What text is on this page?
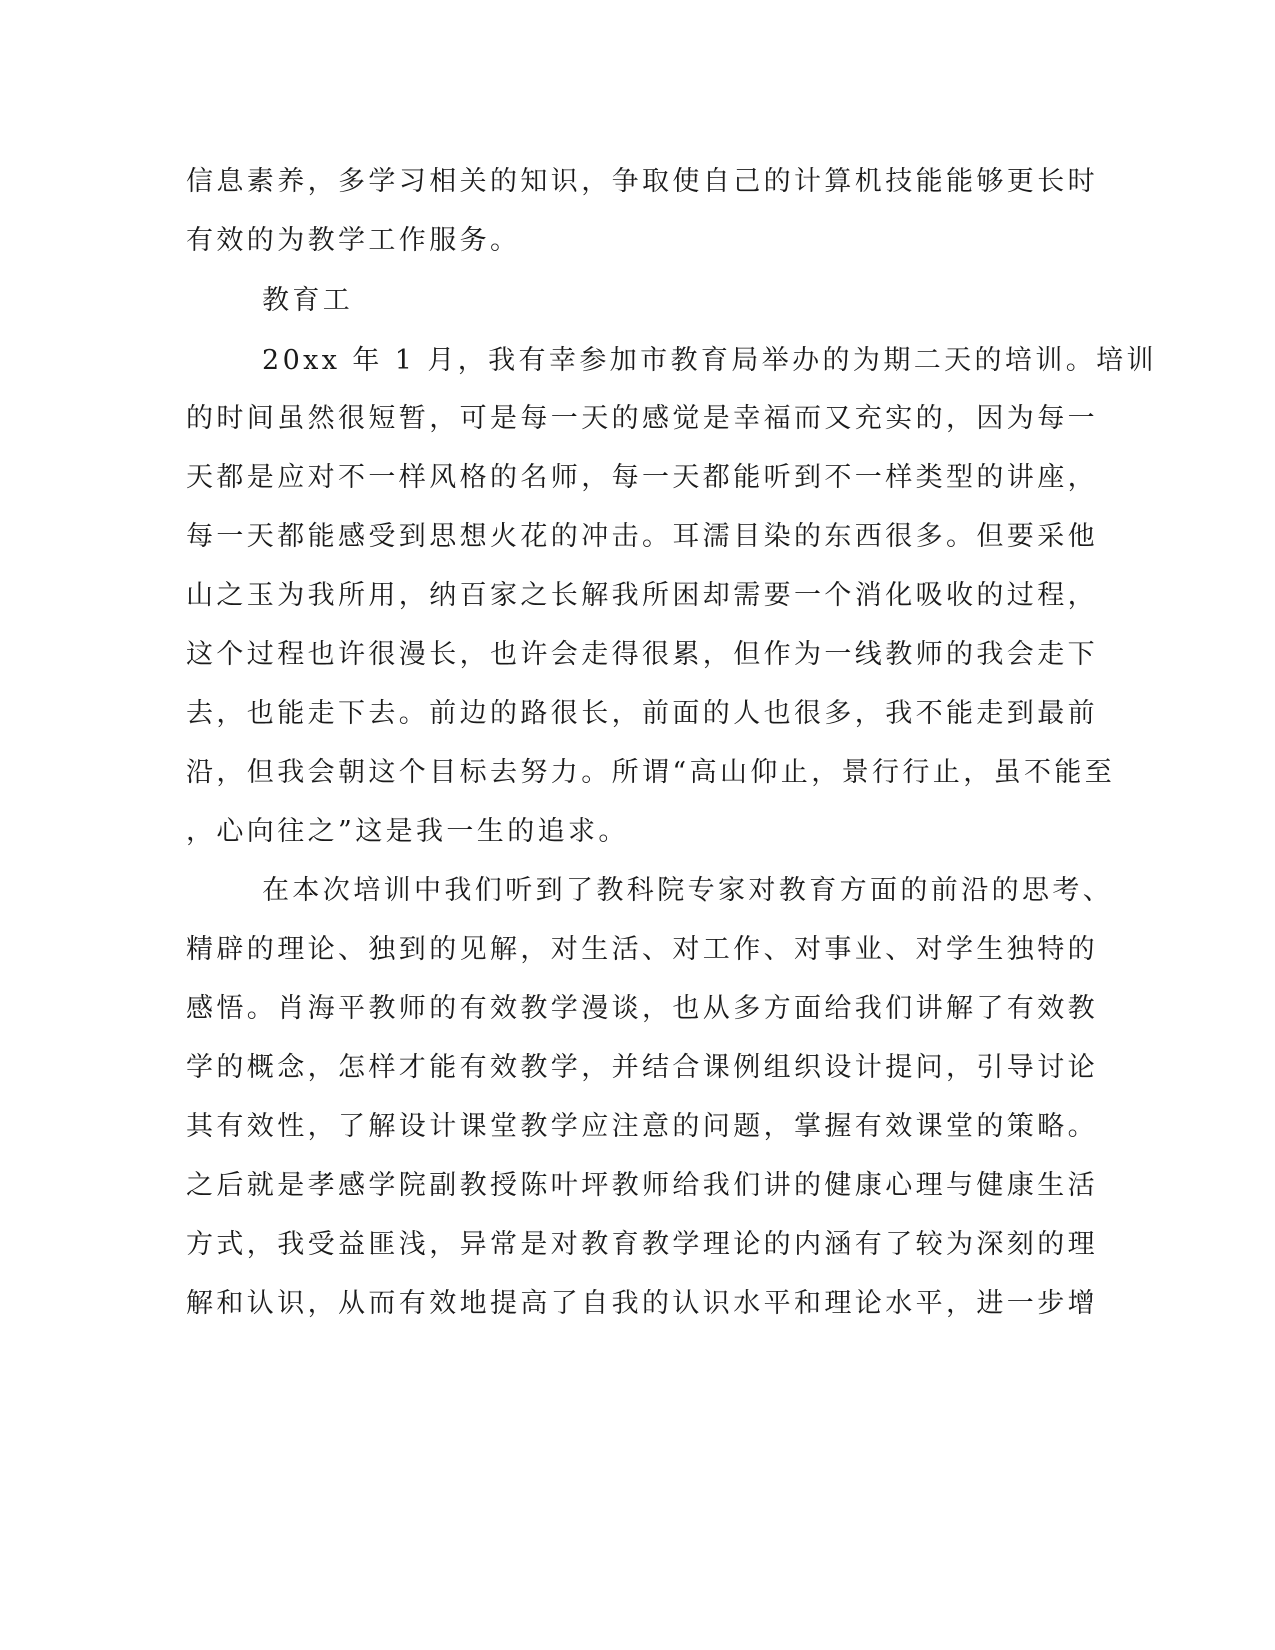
信息素养，多学习相关的知识，争取使自己的计算机技能能够更长时
有效的为教学工作服务。
教育工
20xx 年 1 月，我有幸参加市教育局举办的为期二天的培训。培训
的时间虽然很短暂，可是每一天的感觉是幸福而又充实的，因为每一
天都是应对不一样风格的名师，每一天都能听到不一样类型的讲座，
每一天都能感受到思想火花的冲击。耳濡目染的东西很多。但要采他
山之玉为我所用，纳百家之长解我所困却需要一个消化吸收的过程，
这个过程也许很漫长，也许会走得很累，但作为一线教师的我会走下
去，也能走下去。前边的路很长，前面的人也很多，我不能走到最前
沿，但我会朝这个目标去努力。所谓“高山仰止，景行行止，虽不能至
，心向往之”这是我一生的追求。
在本次培训中我们听到了教科院专家对教育方面的前沿的思考、
精辟的理论、独到的见解，对生活、对工作、对事业、对学生独特的
感悟。肖海平教师的有效教学漫谈，也从多方面给我们讲解了有效教
学的概念，怎样才能有效教学，并结合课例组织设计提问，引导讨论
其有效性，了解设计课堂教学应注意的问题，掌握有效课堂的策略。
之后就是孝感学院副教授陈叶坪教师给我们讲的健康心理与健康生活
方式，我受益匪浅，异常是对教育教学理论的内涵有了较为深刻的理
解和认识，从而有效地提高了自我的认识水平和理论水平，进一步增
